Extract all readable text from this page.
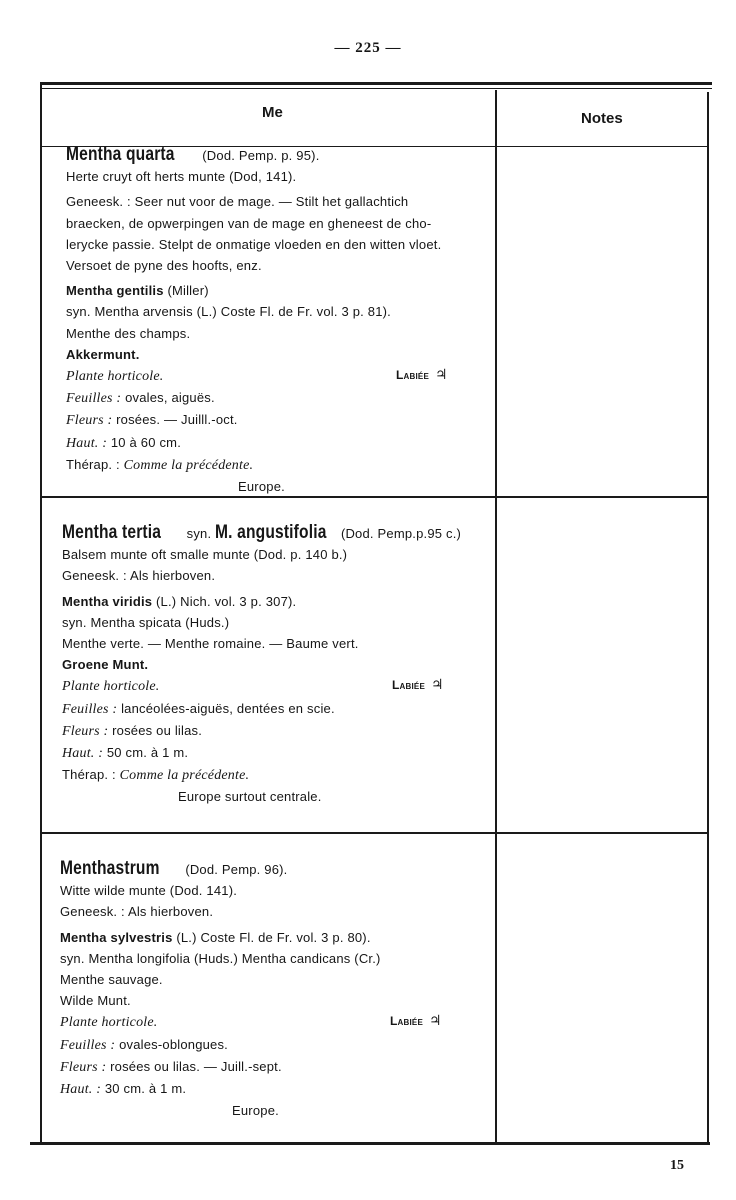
— 225 —
Me	Notes
Mentha quarta (Dod. Pemp. p. 95).
Herte cruyt oft herts munte (Dod, 141).
Geneesk. : Seer nut voor de mage. — Stilt het gallachtich
braecken, de opwerpingen van de mage en gheneest de cho-
lerycke passie. Stelpt de onmatige vloeden en den witten vloet.
Versoet de pyne des hoofts, enz.
Mentha gentilis (Miller)
syn. Mentha arvensis (L.) Coste Fl. de Fr. vol. 3 p. 81).
Menthe des champs.
Akkermunt.
Plante horticole.	Labiée ♃
Feuilles : ovales, aiguës.
Fleurs : rosées. — Juilll.-oct.
Haut. : 10 à 60 cm.
Thérap. : Comme la précédente.
Europe.
Mentha tertia syn. M. angustifolia (Dod. Pemp.p.95 c.)
Balsem munte oft smalle munte (Dod. p. 140 b.)
Geneesk. : Als hierboven.
Mentha viridis (L.) Nich. vol. 3 p. 307).
syn. Mentha spicata (Huds.)
Menthe verte. — Menthe romaine. — Baume vert.
Groene Munt.
Plante horticole.	Labiée ♃
Feuilles : lancéolées-aiguës, dentées en scie.
Fleurs : rosées ou lilas.
Haut. : 50 cm. à 1 m.
Thérap. : Comme la précédente.
Europe surtout centrale.
Menthastrum (Dod. Pemp. 96).
Witte wilde munte (Dod. 141).
Geneesk. : Als hierboven.
Mentha sylvestris (L.) Coste Fl. de Fr. vol. 3 p. 80).
syn. Mentha longifolia (Huds.) Mentha candicans (Cr.)
Menthe sauvage.
Wilde Munt.
Plante horticole.	Labiée ♃
Feuilles : ovales-oblongues.
Fleurs : rosées ou lilas. — Juill.-sept.
Haut. : 30 cm. à 1 m.
Europe.
15
